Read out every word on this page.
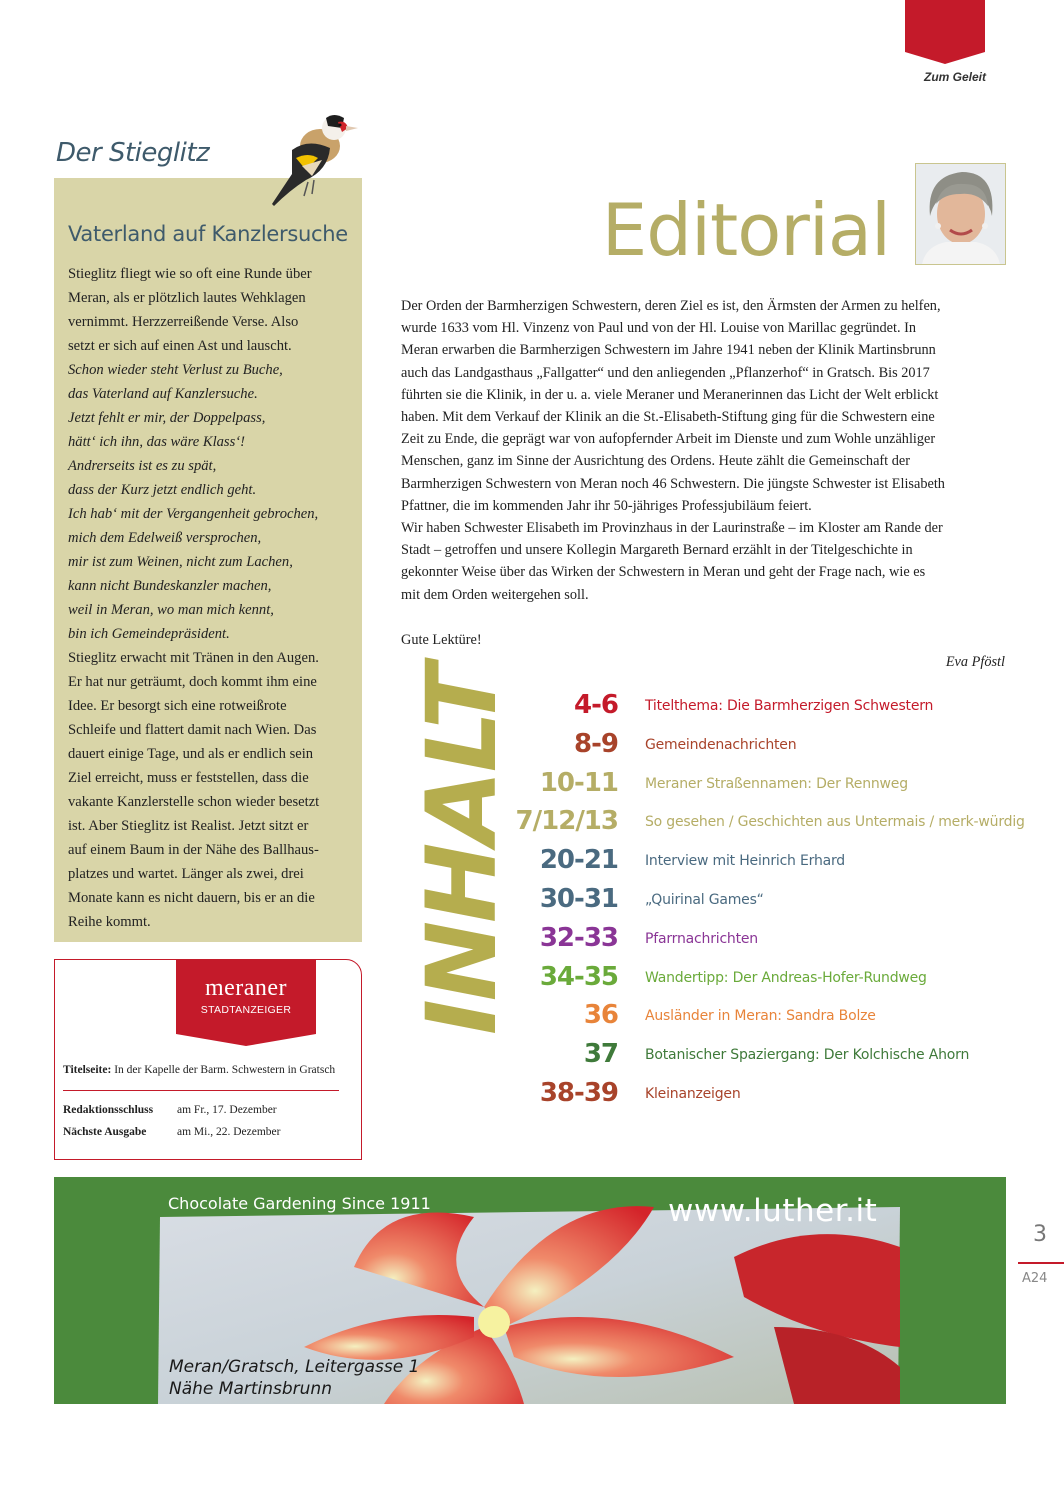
Zum Geleit
Der Stieglitz
Vaterland auf Kanzlersuche
Stieglitz fliegt wie so oft eine Runde über
Meran, als er plötzlich lautes Wehklagen
vernimmt. Herzzerreißende Verse. Also
setzt er sich auf einen Ast und lauscht.
Schon wieder steht Verlust zu Buche,
das Vaterland auf Kanzlersuche.
Jetzt fehlt er mir, der Doppelpass,
hätt‘ ich ihn, das wäre Klass‘!
Andrerseits ist es zu spät,
dass der Kurz jetzt endlich geht.
Ich hab‘ mit der Vergangenheit gebrochen,
mich dem Edelweiß versprochen,
mir ist zum Weinen, nicht zum Lachen,
kann nicht Bundeskanzler machen,
weil in Meran, wo man mich kennt,
bin ich Gemeindepräsident.
Stieglitz erwacht mit Tränen in den Augen.
Er hat nur geträumt, doch kommt ihm eine
Idee. Er besorgt sich eine rotweißrote
Schleife und flattert damit nach Wien. Das
dauert einige Tage, und als er endlich sein
Ziel erreicht, muss er feststellen, dass die
vakante Kanzlerstelle schon wieder besetzt
ist. Aber Stieglitz ist Realist. Jetzt sitzt er
auf einem Baum in der Nähe des Ballhaus-
platzes und wartet. Länger als zwei, drei
Monate kann es nicht dauern, bis er an die
Reihe kommt.
meraner
STADTANZEIGER
Titelseite: In der Kapelle der Barm. Schwestern in Gratsch
Redaktionsschluss am Fr., 17. Dezember
Nächste Ausgabe	am Mi., 22. Dezember
Editorial
Der Orden der Barmherzigen Schwestern, deren Ziel es ist, den Ärmsten der Armen zu helfen,
wurde 1633 vom Hl. Vinzenz von Paul und von der Hl. Louise von Marillac gegründet. In
Meran erwarben die Barmherzigen Schwestern im Jahre 1941 neben der Klinik Martinsbrunn
auch das Landgasthaus „Fallgatter“ und den anliegenden „Pflanzerhof“ in Gratsch. Bis 2017
führten sie die Klinik, in der u. a. viele Meraner und Meranerinnen das Licht der Welt erblickt
haben. Mit dem Verkauf der Klinik an die St.-Elisabeth-Stiftung ging für die Schwestern eine
Zeit zu Ende, die geprägt war von aufopfernder Arbeit im Dienste und zum Wohle unzähliger
Menschen, ganz im Sinne der Ausrichtung des Ordens. Heute zählt die Gemeinschaft der
Barmherzigen Schwestern von Meran noch 46 Schwestern. Die jüngste Schwester ist Elisabeth
Pfattner, die im kommenden Jahr ihr 50-jähriges Professjubiläum feiert.
Wir haben Schwester Elisabeth im Provinzhaus in der Laurinstraße – im Kloster am Rande der
Stadt – getroffen und unsere Kollegin Margareth Bernard erzählt in der Titelgeschichte in
gekonnter Weise über das Wirken der Schwestern in Meran und geht der Frage nach, wie es
mit dem Orden weitergehen soll.
Gute Lektüre!
Eva Pföstl
INHALT 4-6 Titelthema: Die Barmherzigen Schwestern
8-9 Gemeindenachrichten
10-11 Meraner Straßennamen: Der Rennweg
7/12/13 So gesehen / Geschichten aus Untermais / merk-würdig
20-21 Interview mit Heinrich Erhard
30-31 „Quirinal Games“
32-33 Pfarrnachrichten
34-35 Wandertipp: Der Andreas-Hofer-Rundweg
36 Ausländer in Meran: Sandra Bolze
37 Botanischer Spaziergang: Der Kolchische Ahorn
38-39 Kleinanzeigen
Chocolate Gardening Since 1911	www.luther.it
Meran/Gratsch, Leitergasse 1
Nähe Martinsbrunn
3
A24
